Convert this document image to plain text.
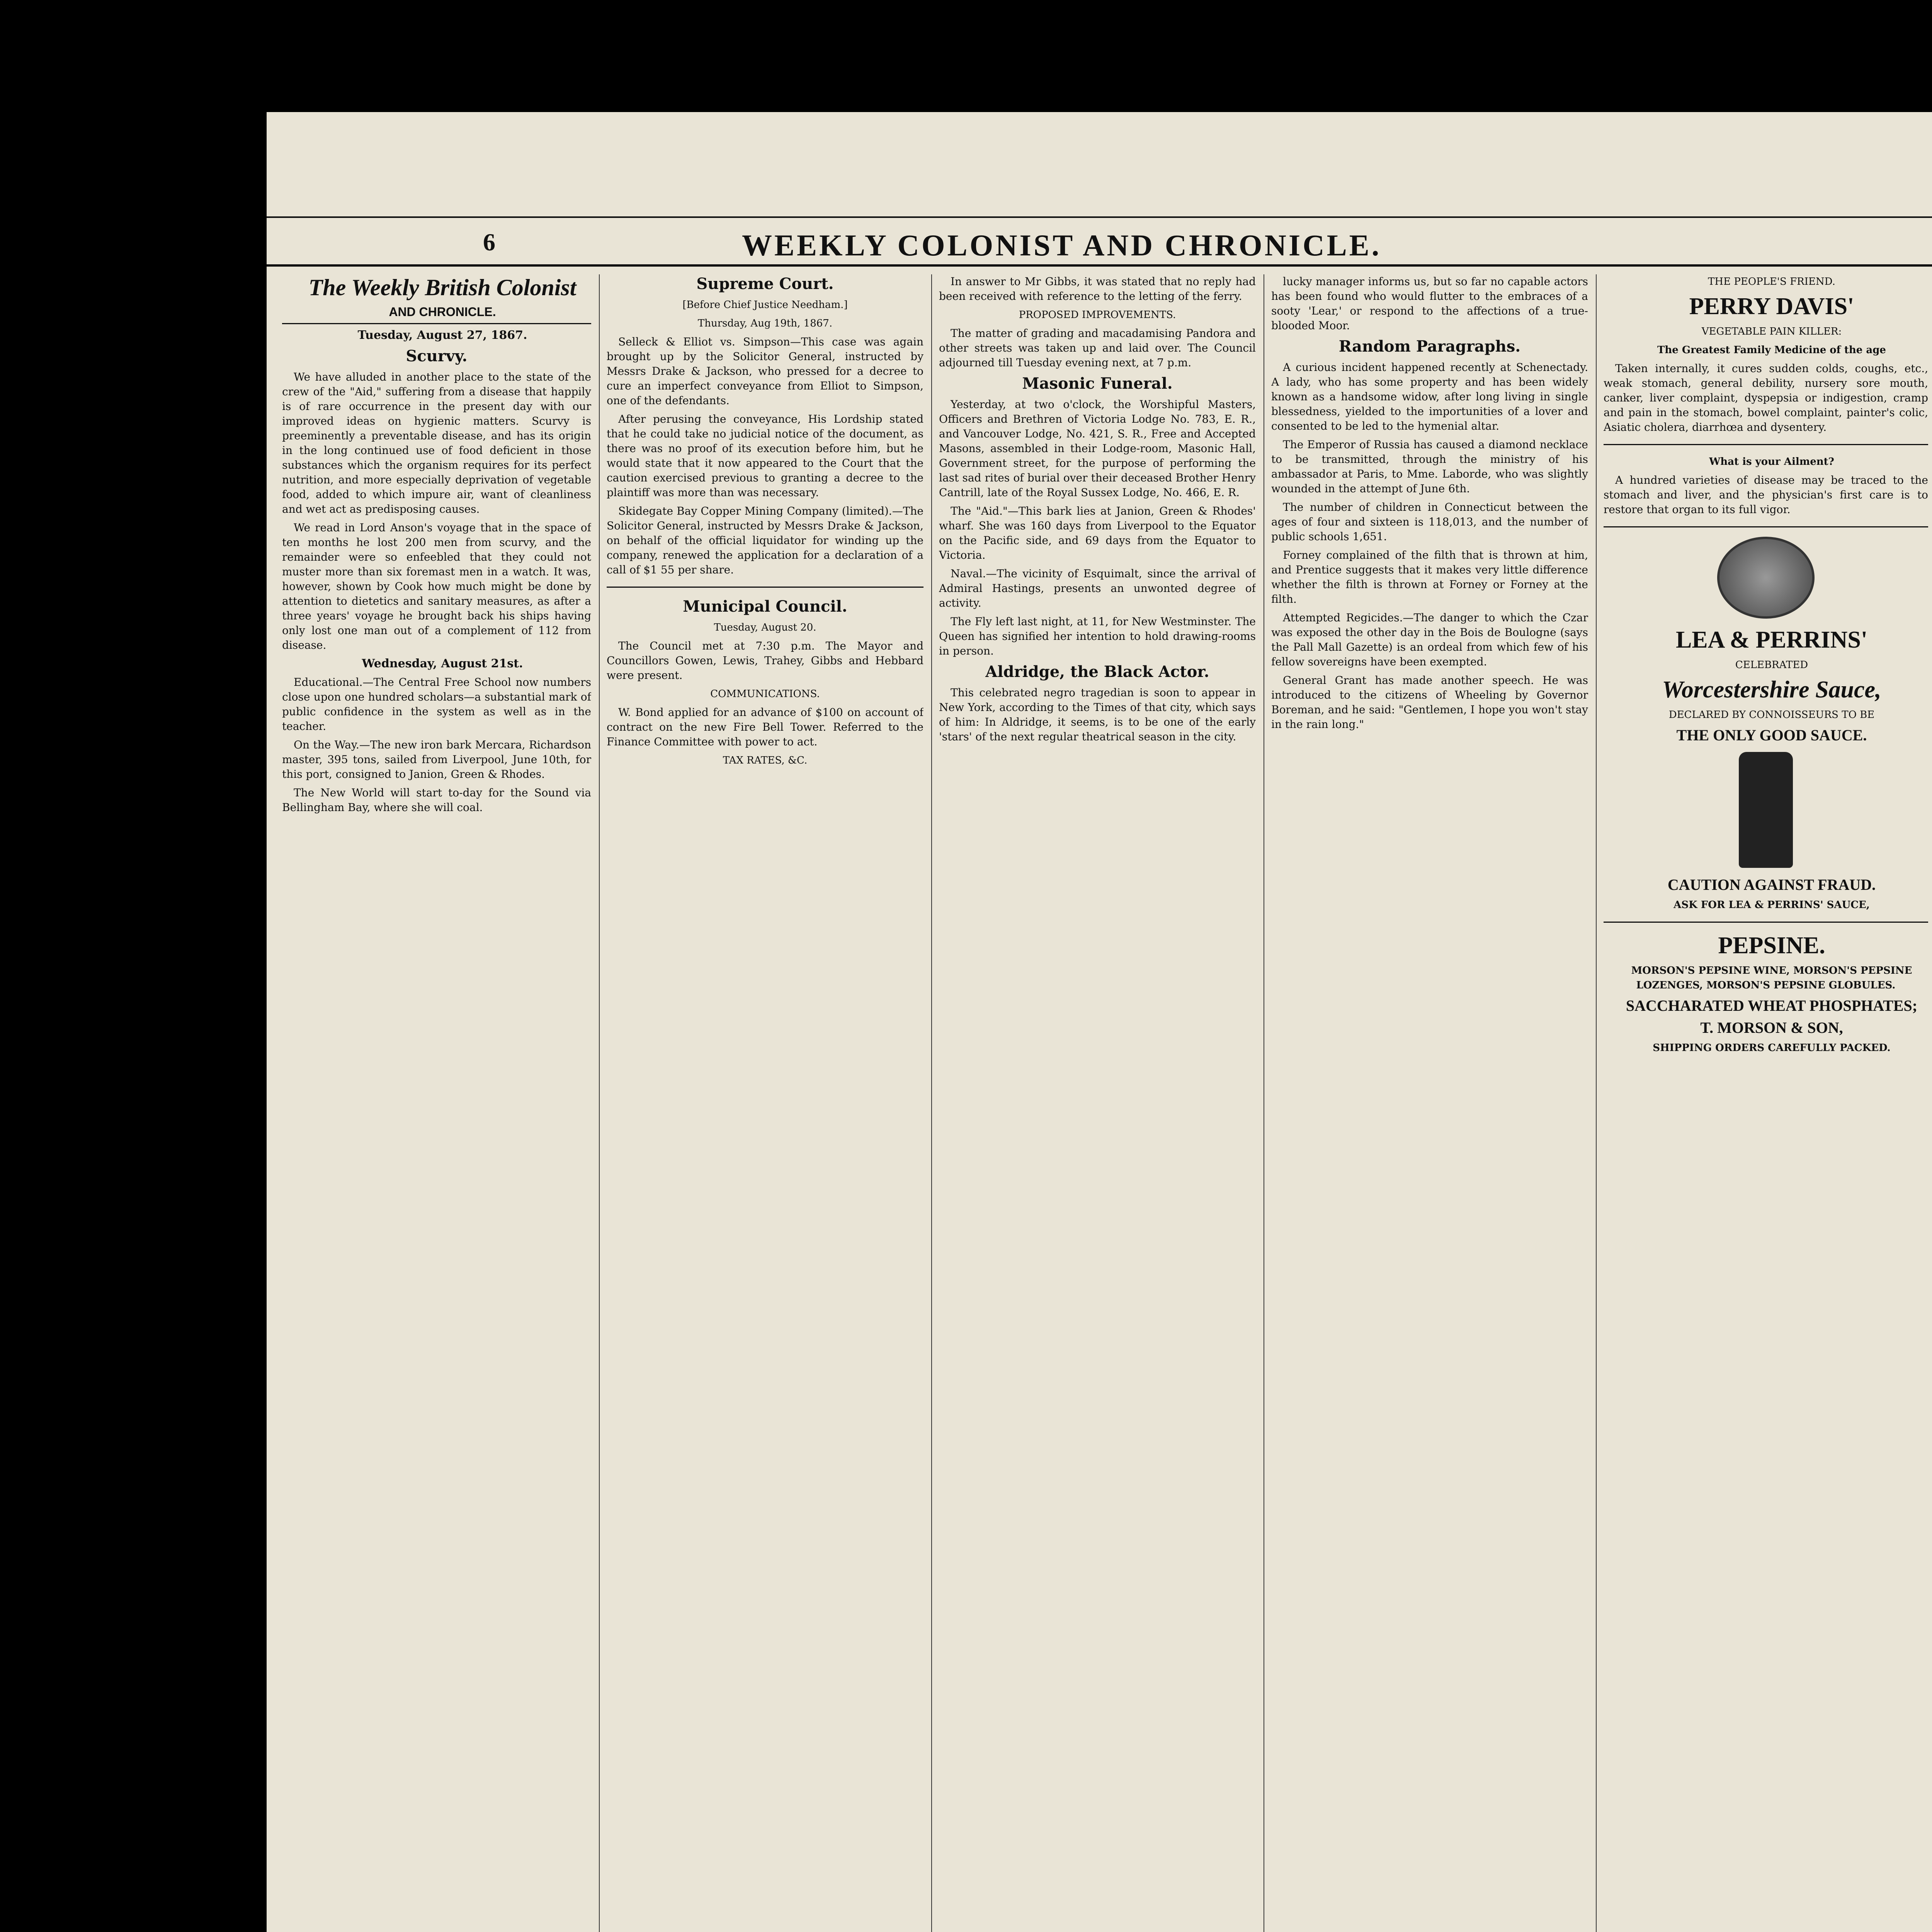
6	WEEKLY COLONIST AND CHRONICLE.

The Weekly British Colonist

AND CHRONICLE.

Tuesday, August 27, 1867.

Scurvy.

We have alluded in another place to the state of the crew of the "Aid," suffering from a disease that happily is of rare occurrence in the present day with our improved ideas on hygienic matters. Scurvy is preeminently a preventable disease, and has its origin in the long continued use of food deficient in those substances which the organism requires for its perfect nutrition, and more especially deprivation of vegetable food, added to which impure air, want of cleanliness and wet act as predisposing causes.

We read in Lord Anson's voyage that in the space of ten months he lost 200 men from scurvy, and the remainder were so enfeebled that they could not muster more than six foremast men in a watch. It was, however, shown by Cook how much might be done by attention to dietetics and sanitary measures, as after a three years' voyage he brought back his ships having only lost one man out of a complement of 112 from disease.

Wednesday, August 21st.

Educational.—The Central Free School now numbers close upon one hundred scholars—a substantial mark of public confidence in the system as well as in the teacher.

On the Way.—The new iron bark Mercara, Richardson master, 395 tons, sailed from Liverpool, June 10th, for this port, consigned to Janion, Green & Rhodes.

The New World will start to-day for the Sound via Bellingham Bay, where she will coal.

Supreme Court.

[Before Chief Justice Needham.]

Thursday, Aug 19th, 1867.

Selleck & Elliot vs. Simpson—This case was again brought up by the Solicitor General, instructed by Messrs Drake & Jackson, who pressed for a decree to cure an imperfect conveyance from Elliot to Simpson, one of the defendants.

After perusing the conveyance, His Lordship stated that he could take no judicial notice of the document, as there was no proof of its execution before him, but he would state that it now appeared to the Court that the caution exercised previous to granting a decree to the plaintiff was more than was necessary.

Skidegate Bay Copper Mining Company (limited).—The Solicitor General, instructed by Messrs Drake & Jackson, on behalf of the official liquidator for winding up the company, renewed the application for a declaration of a call of $1 55 per share.

Municipal Council.

Tuesday, August 20.

The Council met at 7:30 p.m. The Mayor and Councillors Gowen, Lewis, Trahey, Gibbs and Hebbard were present.

COMMUNICATIONS.

W. Bond applied for an advance of $100 on account of contract on the new Fire Bell Tower. Referred to the Finance Committee with power to act.

TAX RATES, &C.

In answer to Mr Gibbs, it was stated that no reply had been received with reference to the letting of the ferry.

PROPOSED IMPROVEMENTS.

The matter of grading and macadamising Pandora and other streets was taken up and laid over. The Council adjourned till Tuesday evening next, at 7 p.m.

Masonic Funeral.

Yesterday, at two o'clock, the Worshipful Masters, Officers and Brethren of Victoria Lodge No. 783, E. R., and Vancouver Lodge, No. 421, S. R., Free and Accepted Masons, assembled in their Lodge-room, Masonic Hall, Government street, for the purpose of performing the last sad rites of burial over their deceased Brother Henry Cantrill, late of the Royal Sussex Lodge, No. 466, E. R.

The "Aid."—This bark lies at Janion, Green & Rhodes' wharf. She was 160 days from Liverpool to the Equator on the Pacific side, and 69 days from the Equator to Victoria.

Naval.—The vicinity of Esquimalt, since the arrival of Admiral Hastings, presents an unwonted degree of activity.

The Fly left last night, at 11, for New Westminster. The Queen has signified her intention to hold drawing-rooms in person.

Aldridge, the Black Actor.

This celebrated negro tragedian is soon to appear in New York, according to the Times of that city, which says of him: In Aldridge, it seems, is to be one of the early 'stars' of the next regular theatrical season in the city.

lucky manager informs us, but so far no capable actors has been found who would flutter to the embraces of a sooty 'Lear,' or respond to the affections of a true-blooded Moor.

Random Paragraphs.

A curious incident happened recently at Schenectady. A lady, who has some property and has been widely known as a handsome widow, after long living in single blessedness, yielded to the importunities of a lover and consented to be led to the hymenial altar.

The Emperor of Russia has caused a diamond necklace to be transmitted, through the ministry of his ambassador at Paris, to Mme. Laborde, who was slightly wounded in the attempt of June 6th.

The number of children in Connecticut between the ages of four and sixteen is 118,013, and the number of public schools 1,651.

Forney complained of the filth that is thrown at him, and Prentice suggests that it makes very little difference whether the filth is thrown at Forney or Forney at the filth.

Attempted Regicides.—The danger to which the Czar was exposed the other day in the Bois de Boulogne (says the Pall Mall Gazette) is an ordeal from which few of his fellow sovereigns have been exempted.

General Grant has made another speech. He was introduced to the citizens of Wheeling by Governor Boreman, and he said: "Gentlemen, I hope you won't stay in the rain long."

THE PEOPLE'S FRIEND.

PERRY DAVIS'

VEGETABLE PAIN KILLER:

The Greatest Family Medicine of the age

Taken internally, it cures sudden colds, coughs, etc., weak stomach, general debility, nursery sore mouth, canker, liver complaint, dyspepsia or indigestion, cramp and pain in the stomach, bowel complaint, painter's colic, Asiatic cholera, diarrhœa and dysentery.

What is your Ailment?

A hundred varieties of disease may be traced to the stomach and liver, and the physician's first care is to restore that organ to its full vigor.

LEA & PERRINS'

CELEBRATED

Worcestershire Sauce,

DECLARED BY CONNOISSEURS TO BE

THE ONLY GOOD SAUCE.

CAUTION AGAINST FRAUD.

ASK FOR LEA & PERRINS' SAUCE,

PEPSINE.

MORSON'S PEPSINE WINE, MORSON'S PEPSINE LOZENGES, MORSON'S PEPSINE GLOBULES.

SACCHARATED WHEAT PHOSPHATES;

T. MORSON & SON,

SHIPPING ORDERS CAREFULLY PACKED.
